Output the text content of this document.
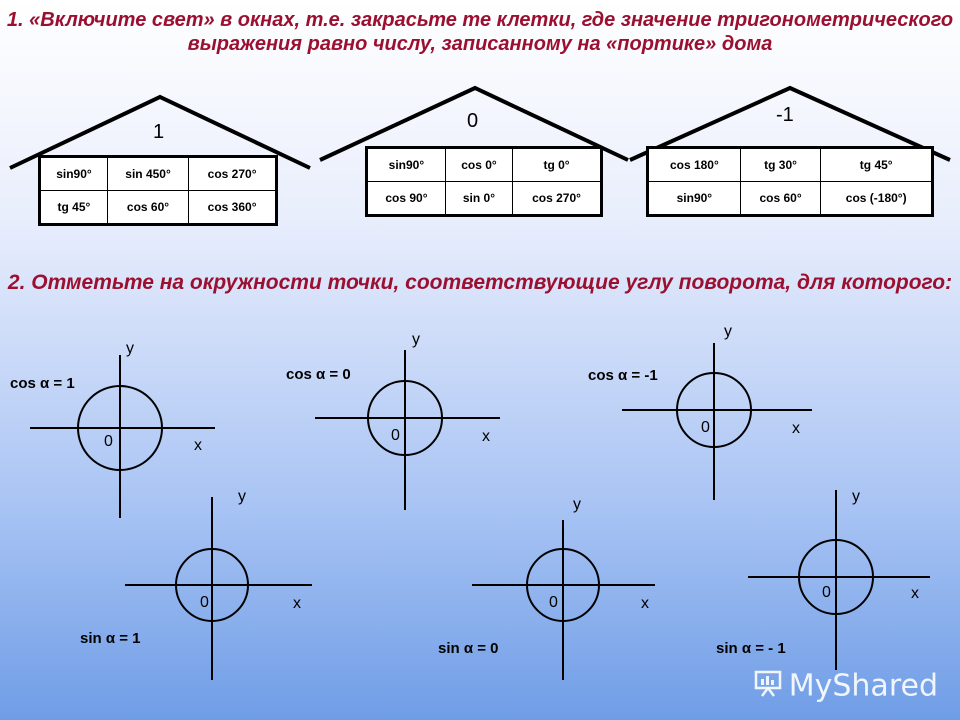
1. «Включите свет» в окнах, т.е. закрасьте те клетки, где значение тригонометрического выражения равно числу, записанному на «портике» дома
1	0	-1
sin90°	sin 450°	cos 270°
tg 45°	cos 60°	cos 360°
sin90°	cos 0°	tg 0°
cos 90°	sin 0°	cos 270°
cos 180°	tg 30°	tg 45°
sin90°	cos 60°	cos (-180°)
2. Отметьте на окружности точки, соответствующие углу поворота, для которого:
cos α = 1
cos α = 0	cos α = -1
sin α = 1
sin α = 0	sin α = - 1
y
x
0
y
x
0
y
x
0
y
x
0
y
x
0
y
x
0
MyShared
